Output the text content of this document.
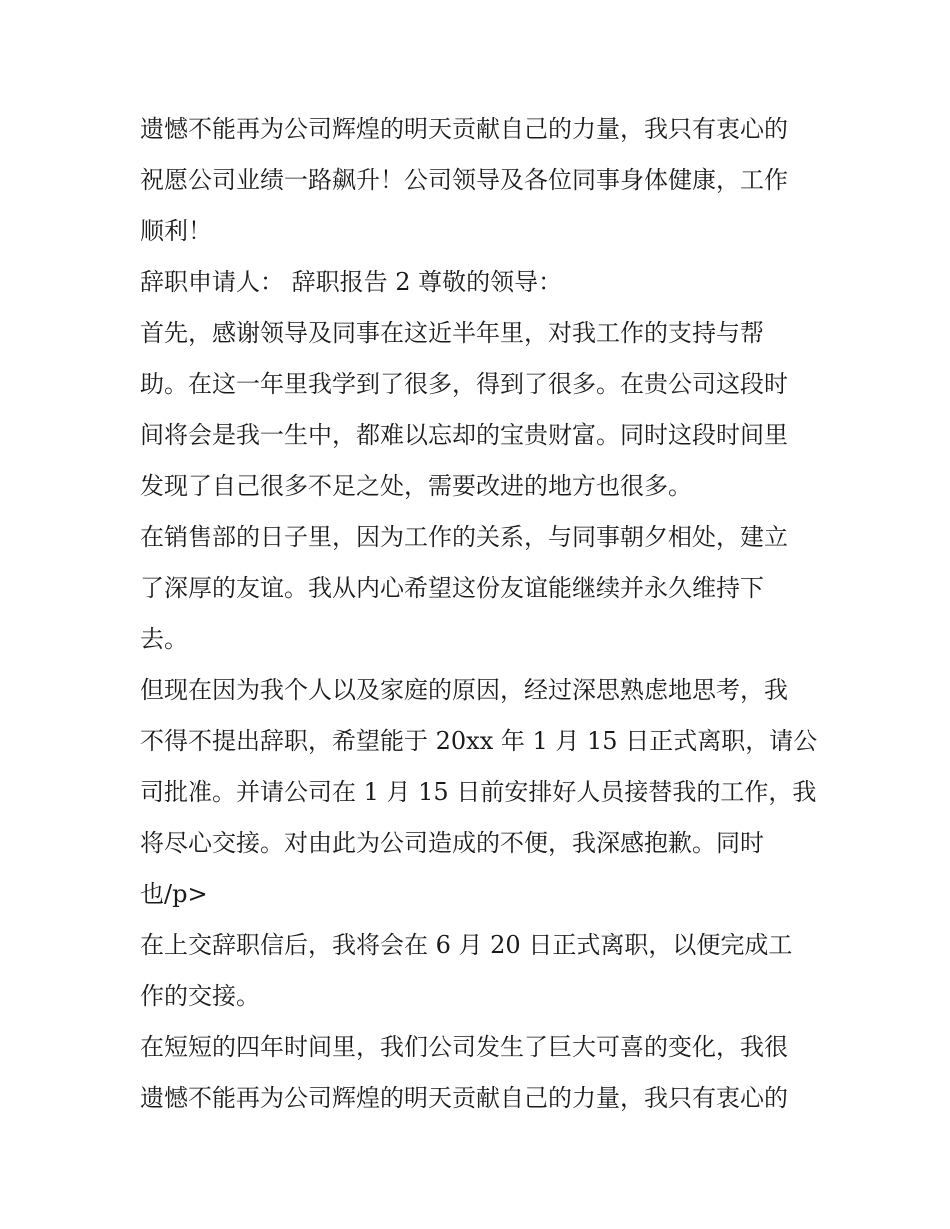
遗憾不能再为公司辉煌的明天贡献自己的力量，我只有衷心的
祝愿公司业绩一路飙升！公司领导及各位同事身体健康，工作
顺利！
辞职申请人： 辞职报告 2 尊敬的领导：
首先，感谢领导及同事在这近半年里，对我工作的支持与帮
助。在这一年里我学到了很多，得到了很多。在贵公司这段时
间将会是我一生中，都难以忘却的宝贵财富。同时这段时间里
发现了自己很多不足之处，需要改进的地方也很多。
在销售部的日子里，因为工作的关系，与同事朝夕相处，建立
了深厚的友谊。我从内心希望这份友谊能继续并永久维持下
去。
但现在因为我个人以及家庭的原因，经过深思熟虑地思考，我
不得不提出辞职，希望能于 20xx 年 1 月 15 日正式离职，请公
司批准。并请公司在 1 月 15 日前安排好人员接替我的工作，我
将尽心交接。对由此为公司造成的不便，我深感抱歉。同时
也/p>
在上交辞职信后，我将会在 6 月 20 日正式离职，以便完成工
作的交接。
在短短的四年时间里，我们公司发生了巨大可喜的变化，我很
遗憾不能再为公司辉煌的明天贡献自己的力量，我只有衷心的
